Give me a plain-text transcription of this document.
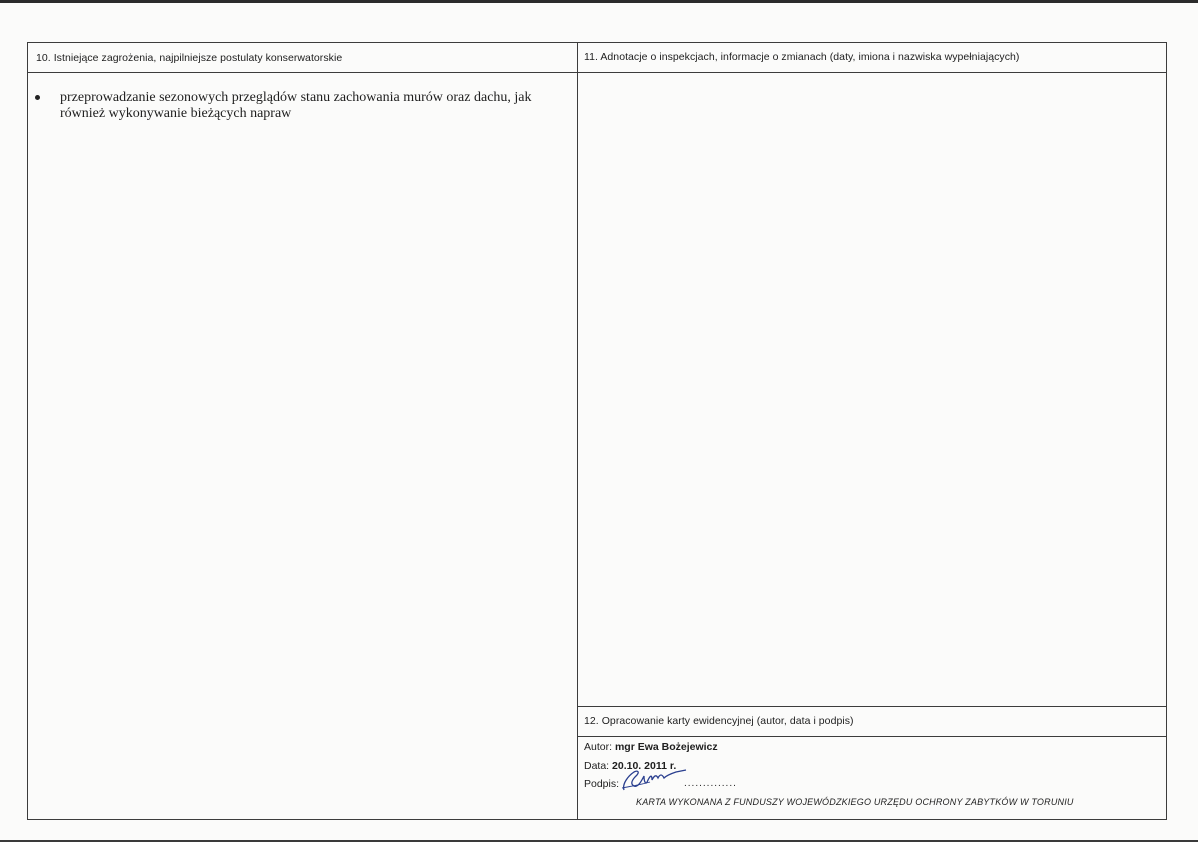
10. Istniejące zagrożenia, najpilniejsze postulaty konserwatorskie
przeprowadzanie sezonowych przeglądów stanu zachowania murów oraz dachu, jak również wykonywanie bieżących napraw
11. Adnotacje o inspekcjach, informacje o zmianach (daty, imiona i nazwiska wypełniających)
12. Opracowanie karty ewidencyjnej (autor, data i podpis)
Autor: mgr Ewa Bożejewicz
Data: 20.10. 2011 r.
Podpis:	..............
KARTA WYKONANA Z FUNDUSZY WOJEWÓDZKIEGO URZĘDU OCHRONY ZABYTKÓW W TORUNIU
